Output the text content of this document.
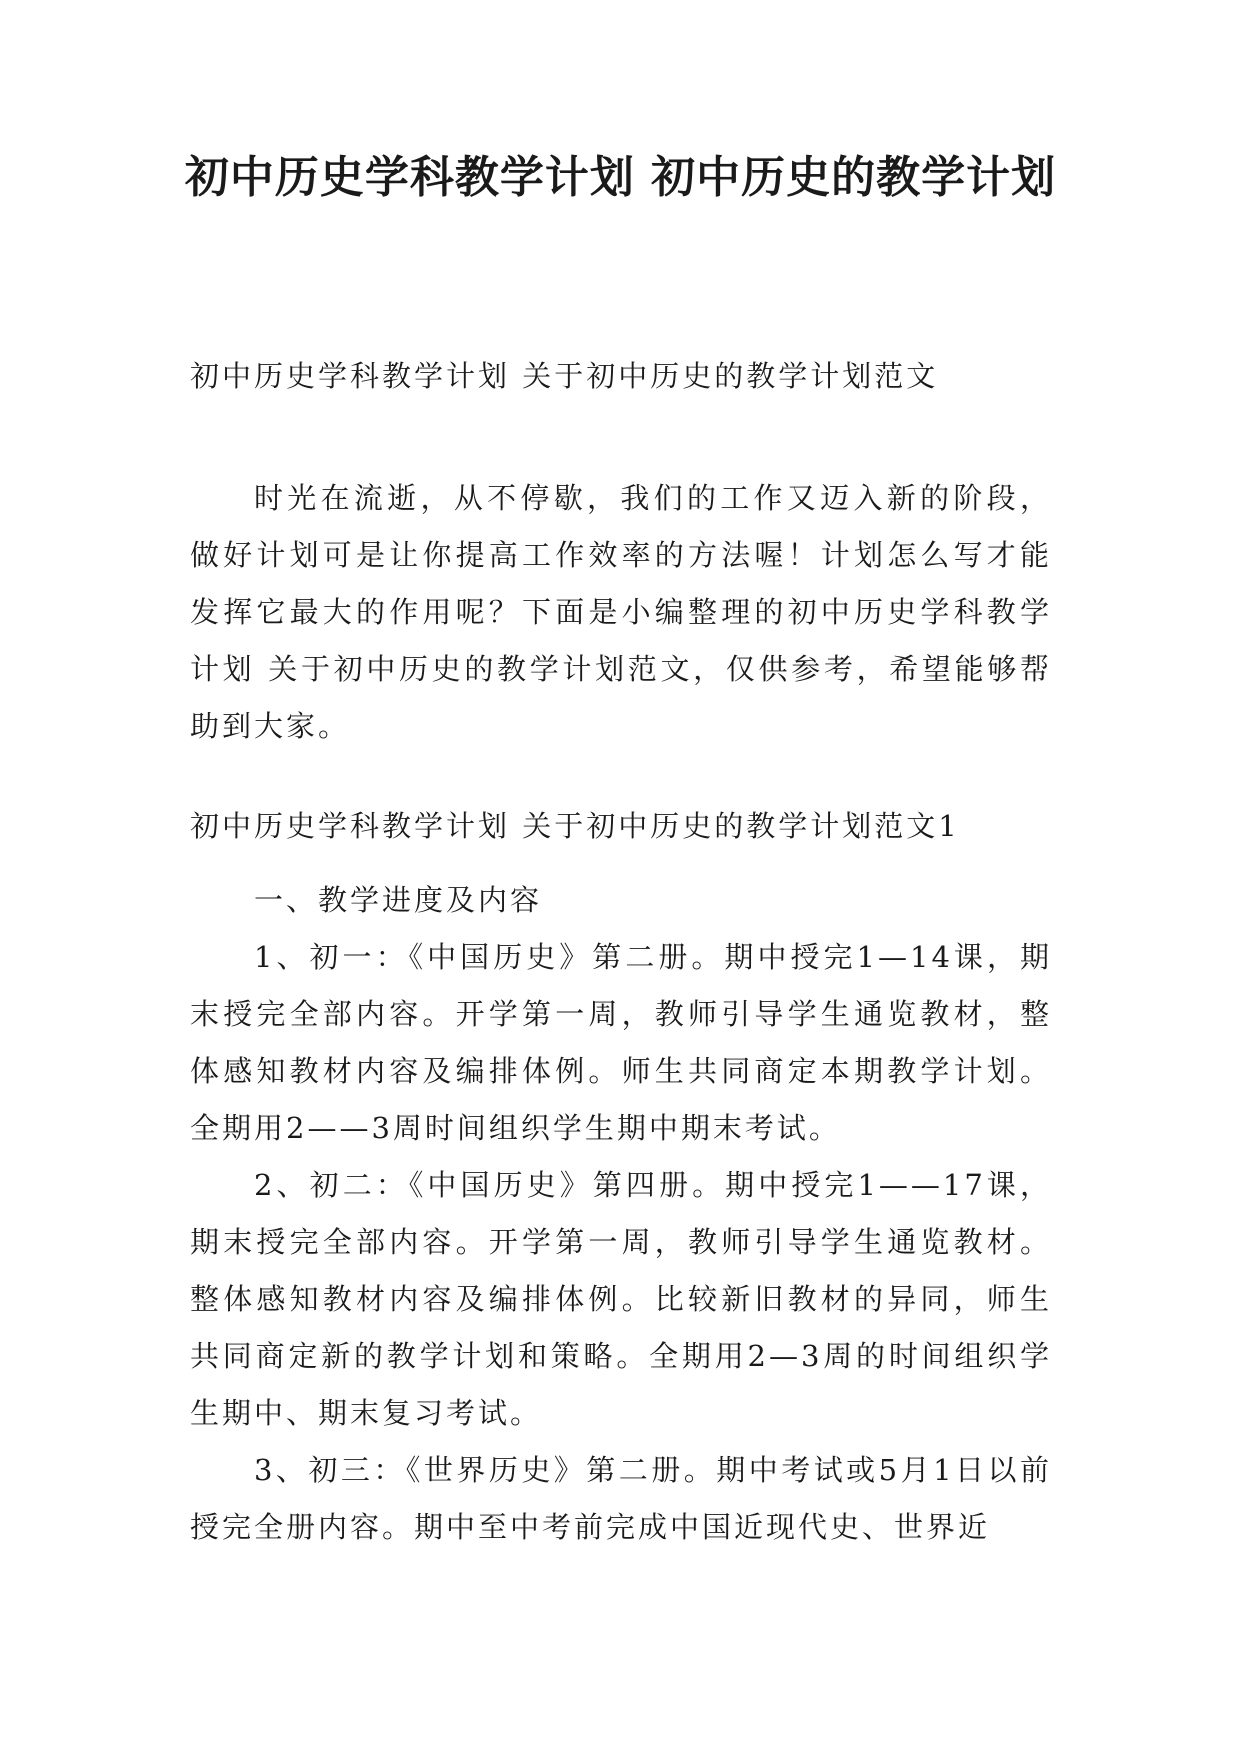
初中历史学科教学计划 初中历史的教学计划

初中历史学科教学计划 关于初中历史的教学计划范文

时光在流逝，从不停歇，我们的工作又迈入新的阶段，做好计划可是让你提高工作效率的方法喔！计划怎么写才能发挥它最大的作用呢？下面是小编整理的初中历史学科教学计划 关于初中历史的教学计划范文，仅供参考，希望能够帮助到大家。

初中历史学科教学计划 关于初中历史的教学计划范文1

一、教学进度及内容

1、初一：《中国历史》第二册。期中授完1—14课，期末授完全部内容。开学第一周，教师引导学生通览教材，整体感知教材内容及编排体例。师生共同商定本期教学计划。全期用2——3周时间组织学生期中期末考试。

2、初二：《中国历史》第四册。期中授完1——17课，期末授完全部内容。开学第一周，教师引导学生通览教材。整体感知教材内容及编排体例。比较新旧教材的异同，师生共同商定新的教学计划和策略。全期用2—3周的时间组织学生期中、期末复习考试。

3、初三：《世界历史》第二册。期中考试或5月1日以前授完全册内容。期中至中考前完成中国近现代史、世界近
